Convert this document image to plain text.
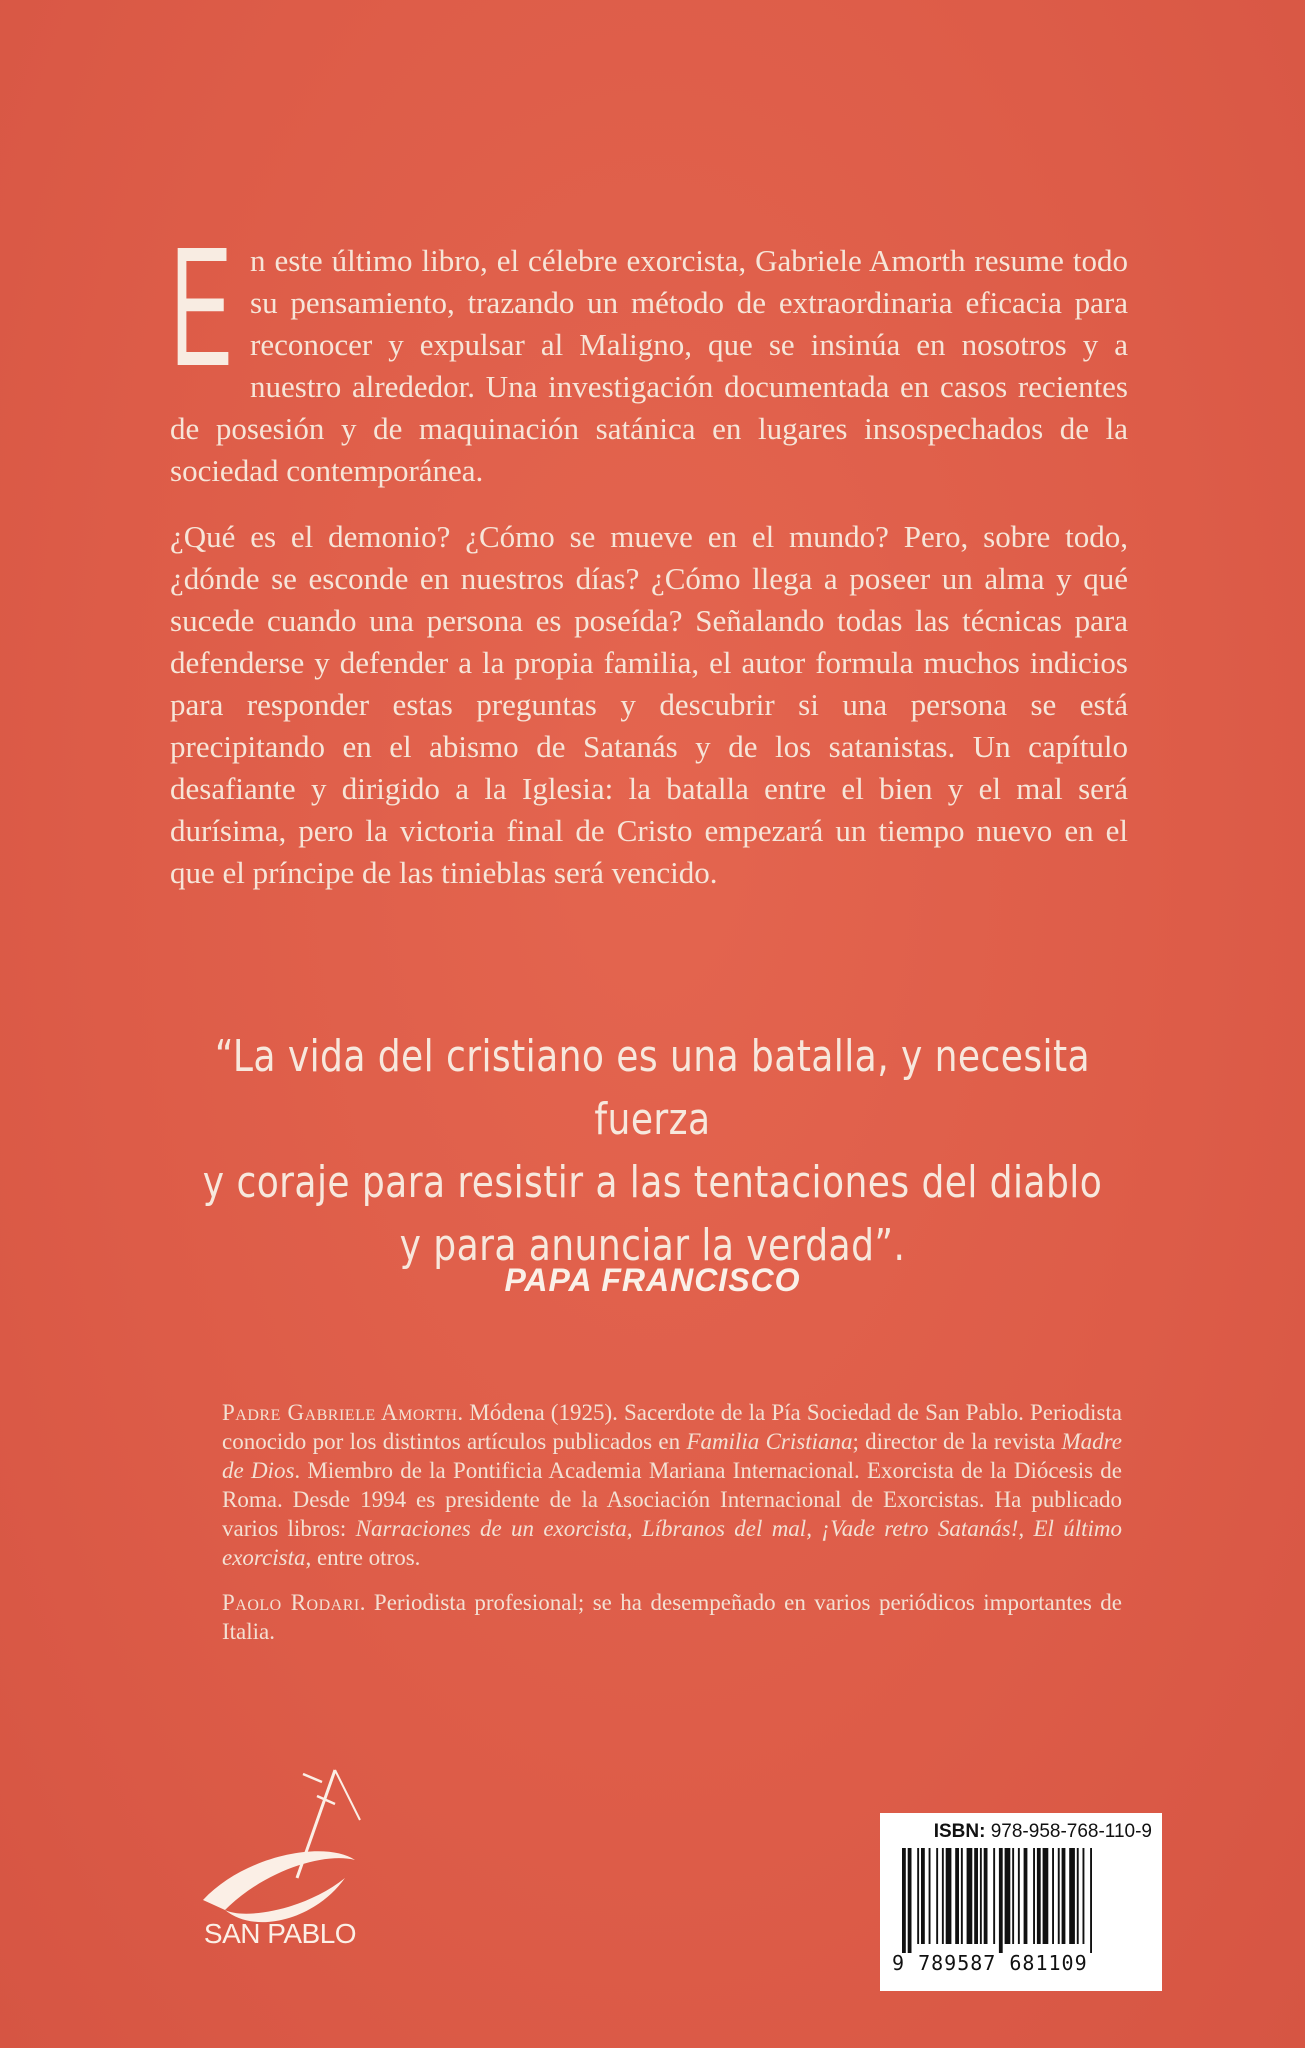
En este último libro, el célebre exorcista, Gabriele Amorth resume todo su pensamiento, trazando un método de extraordinaria eficacia para reconocer y expulsar al Maligno, que se insinúa en nosotros y a nuestro alrededor. Una investigación documentada en casos recientes de posesión y de maquinación satánica en lugares insospechados de la sociedad contemporánea.

¿Qué es el demonio? ¿Cómo se mueve en el mundo? Pero, sobre todo, ¿dónde se esconde en nuestros días? ¿Cómo llega a poseer un alma y qué sucede cuando una persona es poseída? Señalando todas las técnicas para defenderse y defender a la propia familia, el autor formula muchos indicios para responder estas preguntas y descubrir si una persona se está precipitando en el abismo de Satanás y de los satanistas. Un capítulo desafiante y dirigido a la Iglesia: la batalla entre el bien y el mal será durísima, pero la victoria final de Cristo empezará un tiempo nuevo en el que el príncipe de las tinieblas será vencido.

“La vida del cristiano es una batalla, y necesita fuerza
y coraje para resistir a las tentaciones del diablo
y para anunciar la verdad”.
PAPA FRANCISCO

Padre Gabriele Amorth. Módena (1925). Sacerdote de la Pía Sociedad de San Pablo. Periodista conocido por los distintos artículos publicados en Familia Cristiana; director de la revista Madre de Dios. Miembro de la Pontificia Academia Mariana Internacional. Exorcista de la Diócesis de Roma. Desde 1994 es presidente de la Asociación Internacional de Exorcistas. Ha publicado varios libros: Narraciones de un exorcista, Líbranos del mal, ¡Vade retro Satanás!, El último exorcista, entre otros.

Paolo Rodari. Periodista profesional; se ha desempeñado en varios periódicos importantes de Italia.

SAN PABLO
ISBN: 978-958-768-110-9
9 789587 681109
